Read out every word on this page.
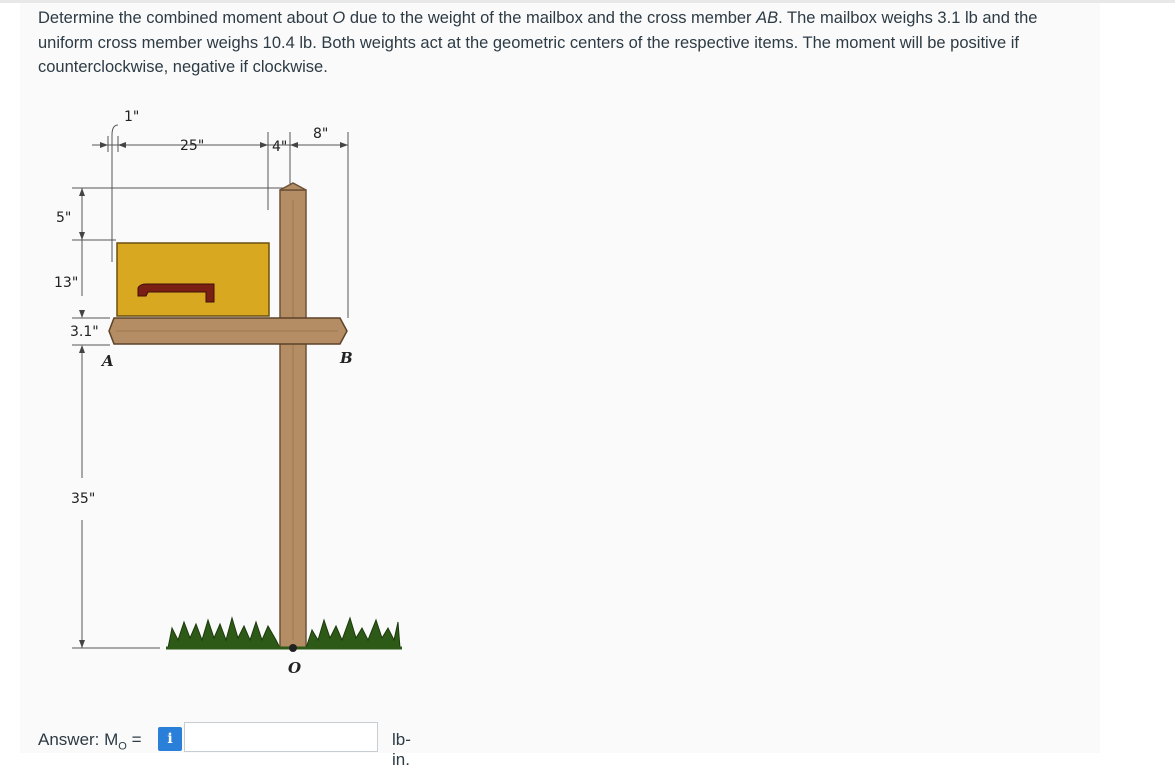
Determine the combined moment about O due to the weight of the mailbox and the cross member AB. The mailbox weighs 3.1 lb and the uniform cross member weighs 10.4 lb. Both weights act at the geometric centers of the respective items. The moment will be positive if counterclockwise, negative if clockwise.
1"
25"	4"
8"
5"
13"
3.1"
35"
A	B
O
Answer: $M_O$ =	i	lb-in.
